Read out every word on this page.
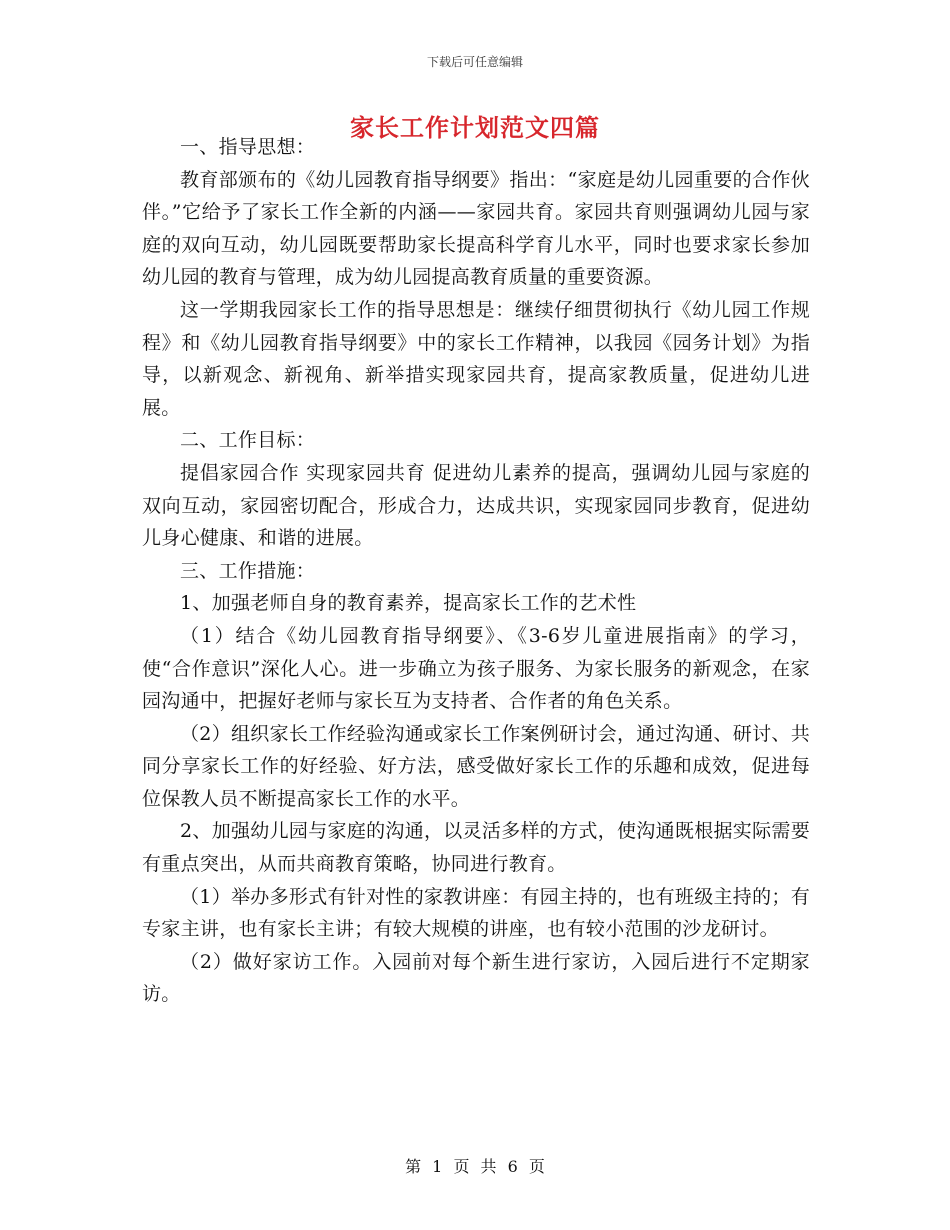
下载后可任意编辑
家长工作计划范文四篇

一、指导思想：

教育部颁布的《幼儿园教育指导纲要》指出：“家庭是幼儿园重要的合作伙伴。”它给予了家长工作全新的内涵——家园共育。家园共育则强调幼儿园与家庭的双向互动，幼儿园既要帮助家长提高科学育儿水平，同时也要求家长参加幼儿园的教育与管理，成为幼儿园提高教育质量的重要资源。

这一学期我园家长工作的指导思想是：继续仔细贯彻执行《幼儿园工作规程》和《幼儿园教育指导纲要》中的家长工作精神，以我园《园务计划》为指导，以新观念、新视角、新举措实现家园共育，提高家教质量，促进幼儿进展。

二、工作目标：

提倡家园合作 实现家园共育 促进幼儿素养的提高，强调幼儿园与家庭的双向互动，家园密切配合，形成合力，达成共识，实现家园同步教育，促进幼儿身心健康、和谐的进展。

三、工作措施：

1、加强老师自身的教育素养，提高家长工作的艺术性

（1）结合《幼儿园教育指导纲要》、《3-6岁儿童进展指南》的学习，使“合作意识”深化人心。进一步确立为孩子服务、为家长服务的新观念，在家园沟通中，把握好老师与家长互为支持者、合作者的角色关系。

（2）组织家长工作经验沟通或家长工作案例研讨会，通过沟通、研讨、共同分享家长工作的好经验、好方法，感受做好家长工作的乐趣和成效，促进每位保教人员不断提高家长工作的水平。

2、加强幼儿园与家庭的沟通，以灵活多样的方式，使沟通既根据实际需要有重点突出，从而共商教育策略，协同进行教育。

（1）举办多形式有针对性的家教讲座：有园主持的，也有班级主持的；有专家主讲，也有家长主讲；有较大规模的讲座，也有较小范围的沙龙研讨。

（2）做好家访工作。入园前对每个新生进行家访，入园后进行不定期家访。

第 1 页 共 6 页
